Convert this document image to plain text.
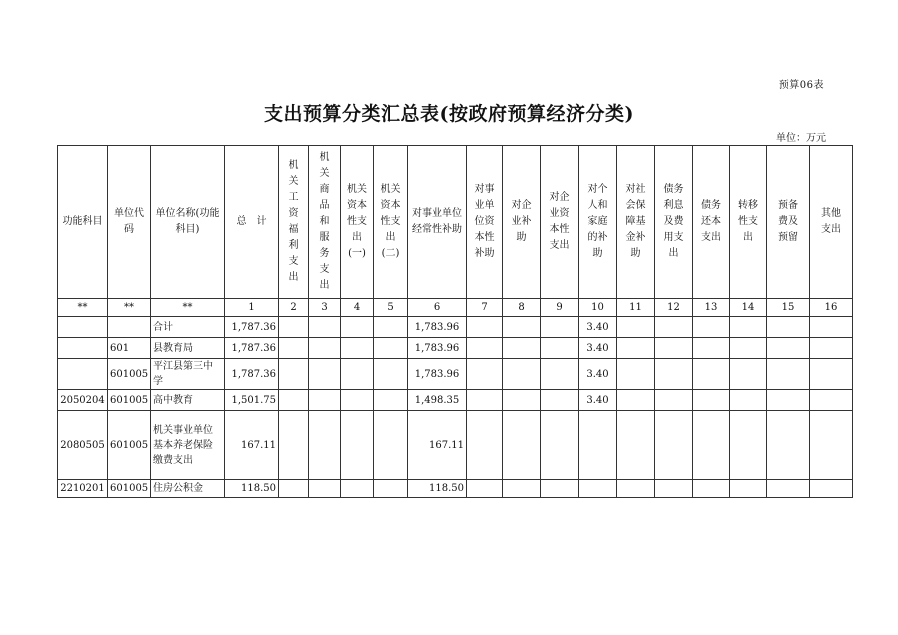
预算06表
支出预算分类汇总表(按政府预算经济分类)
单位：万元
功能科目	单位代码	单位名称(功能科目)	总　计	机关工资福利支出	机关商品和服务支出	机关资本性支出(一)	机关资本性支出(二)	对事业单位经常性补助	对事业单位资本性补助	对企业补助	对企业资本性支出	对个人和家庭的补助	对社会保障基金补助	债务利息及费用支出	债务还本支出	转移性支出	预备费及预留	其他支出
**	**	**	1	2	3	4	5	6	7	8	9	10	11	12	13	14	15	16
		合计	1,787.36					1,783.96				3.40						
	601	县教育局	1,787.36					1,783.96				3.40						
	601005	平江县第三中学	1,787.36					1,783.96				3.40						
2050204	601005	高中教育	1,501.75					1,498.35				3.40						
2080505	601005	机关事业单位基本养老保险缴费支出	167.11					167.11										
2210201	601005	住房公积金	118.50					118.50										
